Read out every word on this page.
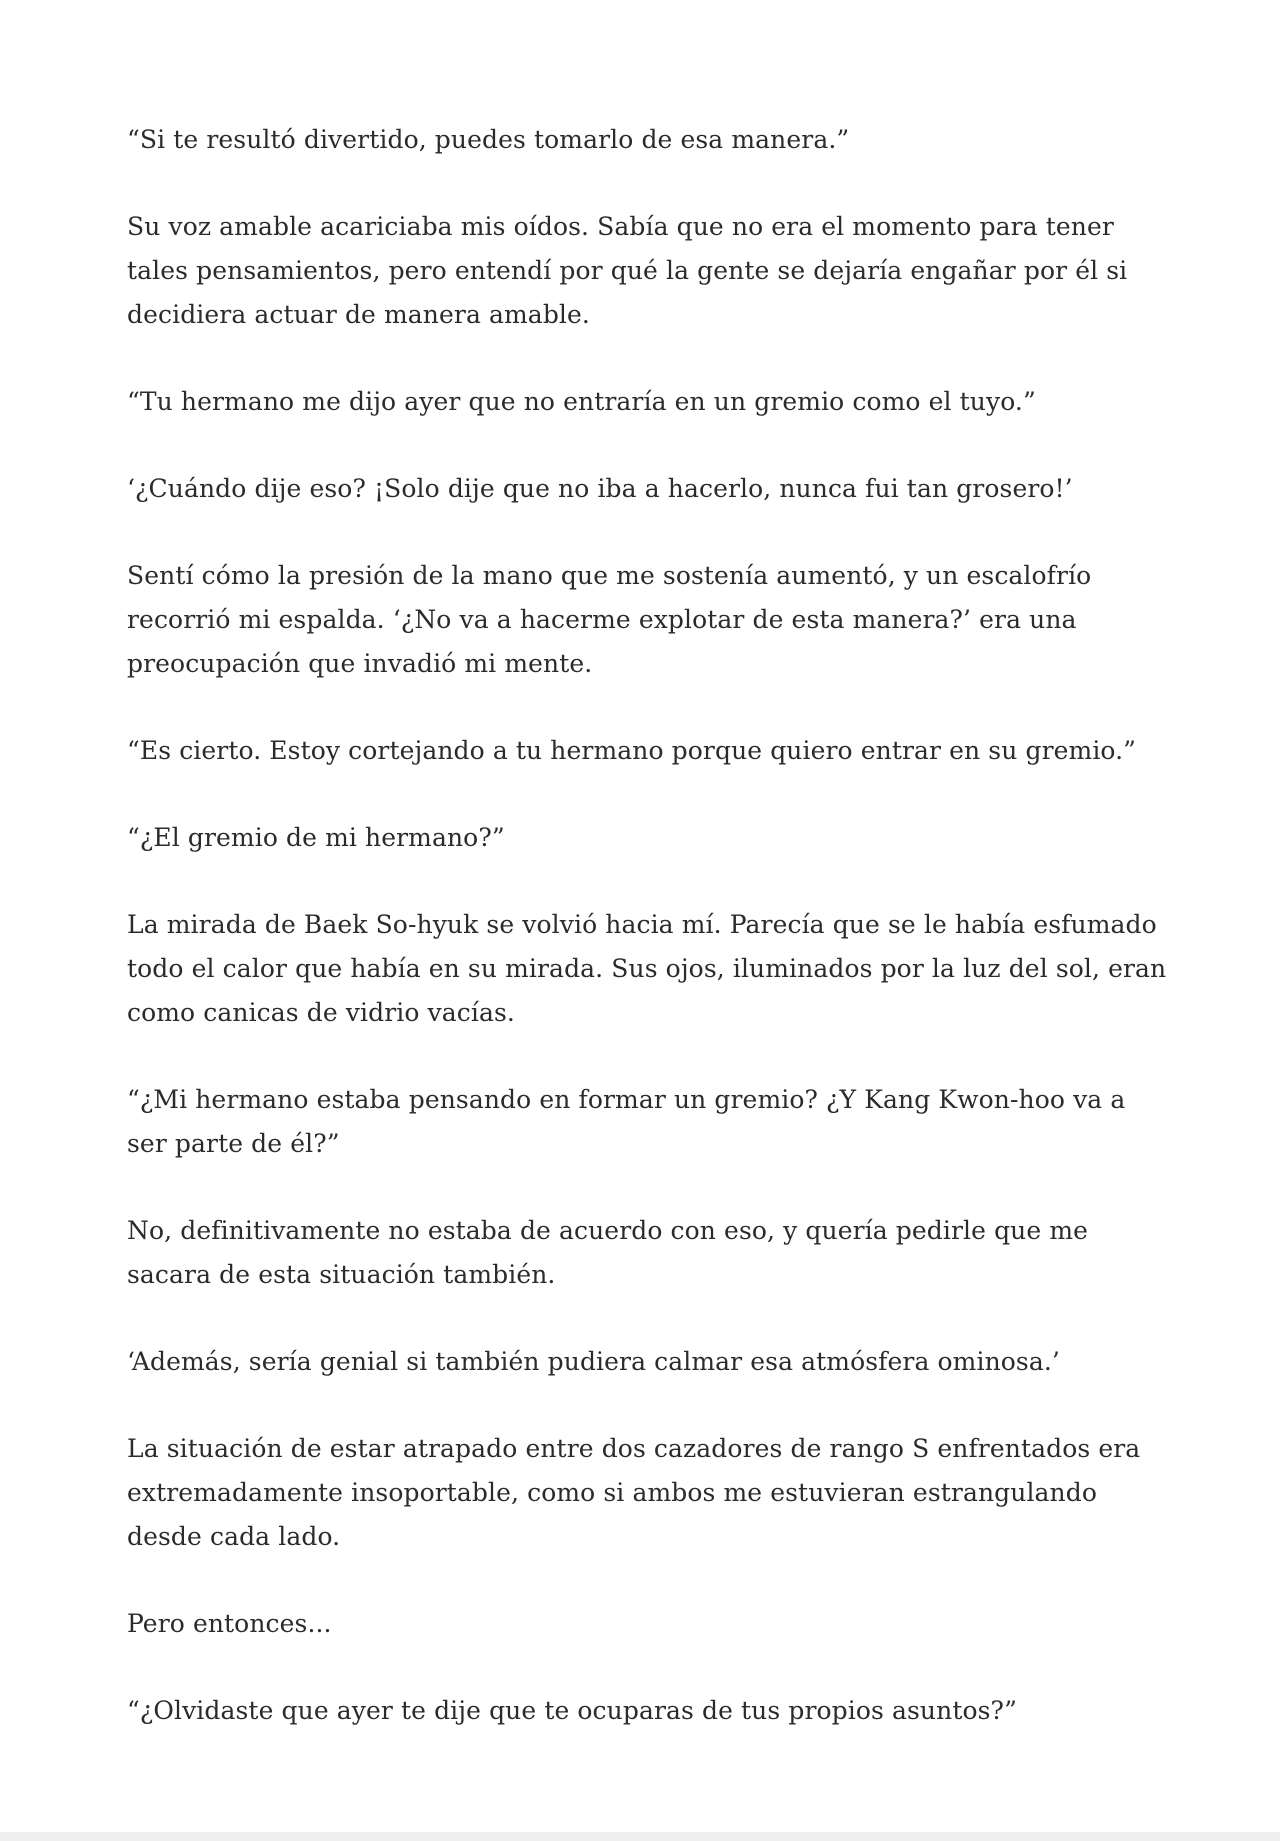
“Si te resultó divertido, puedes tomarlo de esa manera.”

Su voz amable acariciaba mis oídos. Sabía que no era el momento para tener tales pensamientos, pero entendí por qué la gente se dejaría engañar por él si decidiera actuar de manera amable.

“Tu hermano me dijo ayer que no entraría en un gremio como el tuyo.”

‘¿Cuándo dije eso? ¡Solo dije que no iba a hacerlo, nunca fui tan grosero!’

Sentí cómo la presión de la mano que me sostenía aumentó, y un escalofrío recorrió mi espalda. ‘¿No va a hacerme explotar de esta manera?’ era una preocupación que invadió mi mente.

“Es cierto. Estoy cortejando a tu hermano porque quiero entrar en su gremio.”

“¿El gremio de mi hermano?”

La mirada de Baek So-hyuk se volvió hacia mí. Parecía que se le había esfumado todo el calor que había en su mirada. Sus ojos, iluminados por la luz del sol, eran como canicas de vidrio vacías.

“¿Mi hermano estaba pensando en formar un gremio? ¿Y Kang Kwon-hoo va a ser parte de él?”

No, definitivamente no estaba de acuerdo con eso, y quería pedirle que me sacara de esta situación también.

‘Además, sería genial si también pudiera calmar esa atmósfera ominosa.’

La situación de estar atrapado entre dos cazadores de rango S enfrentados era extremadamente insoportable, como si ambos me estuvieran estrangulando desde cada lado.

Pero entonces...

“¿Olvidaste que ayer te dije que te ocuparas de tus propios asuntos?”
